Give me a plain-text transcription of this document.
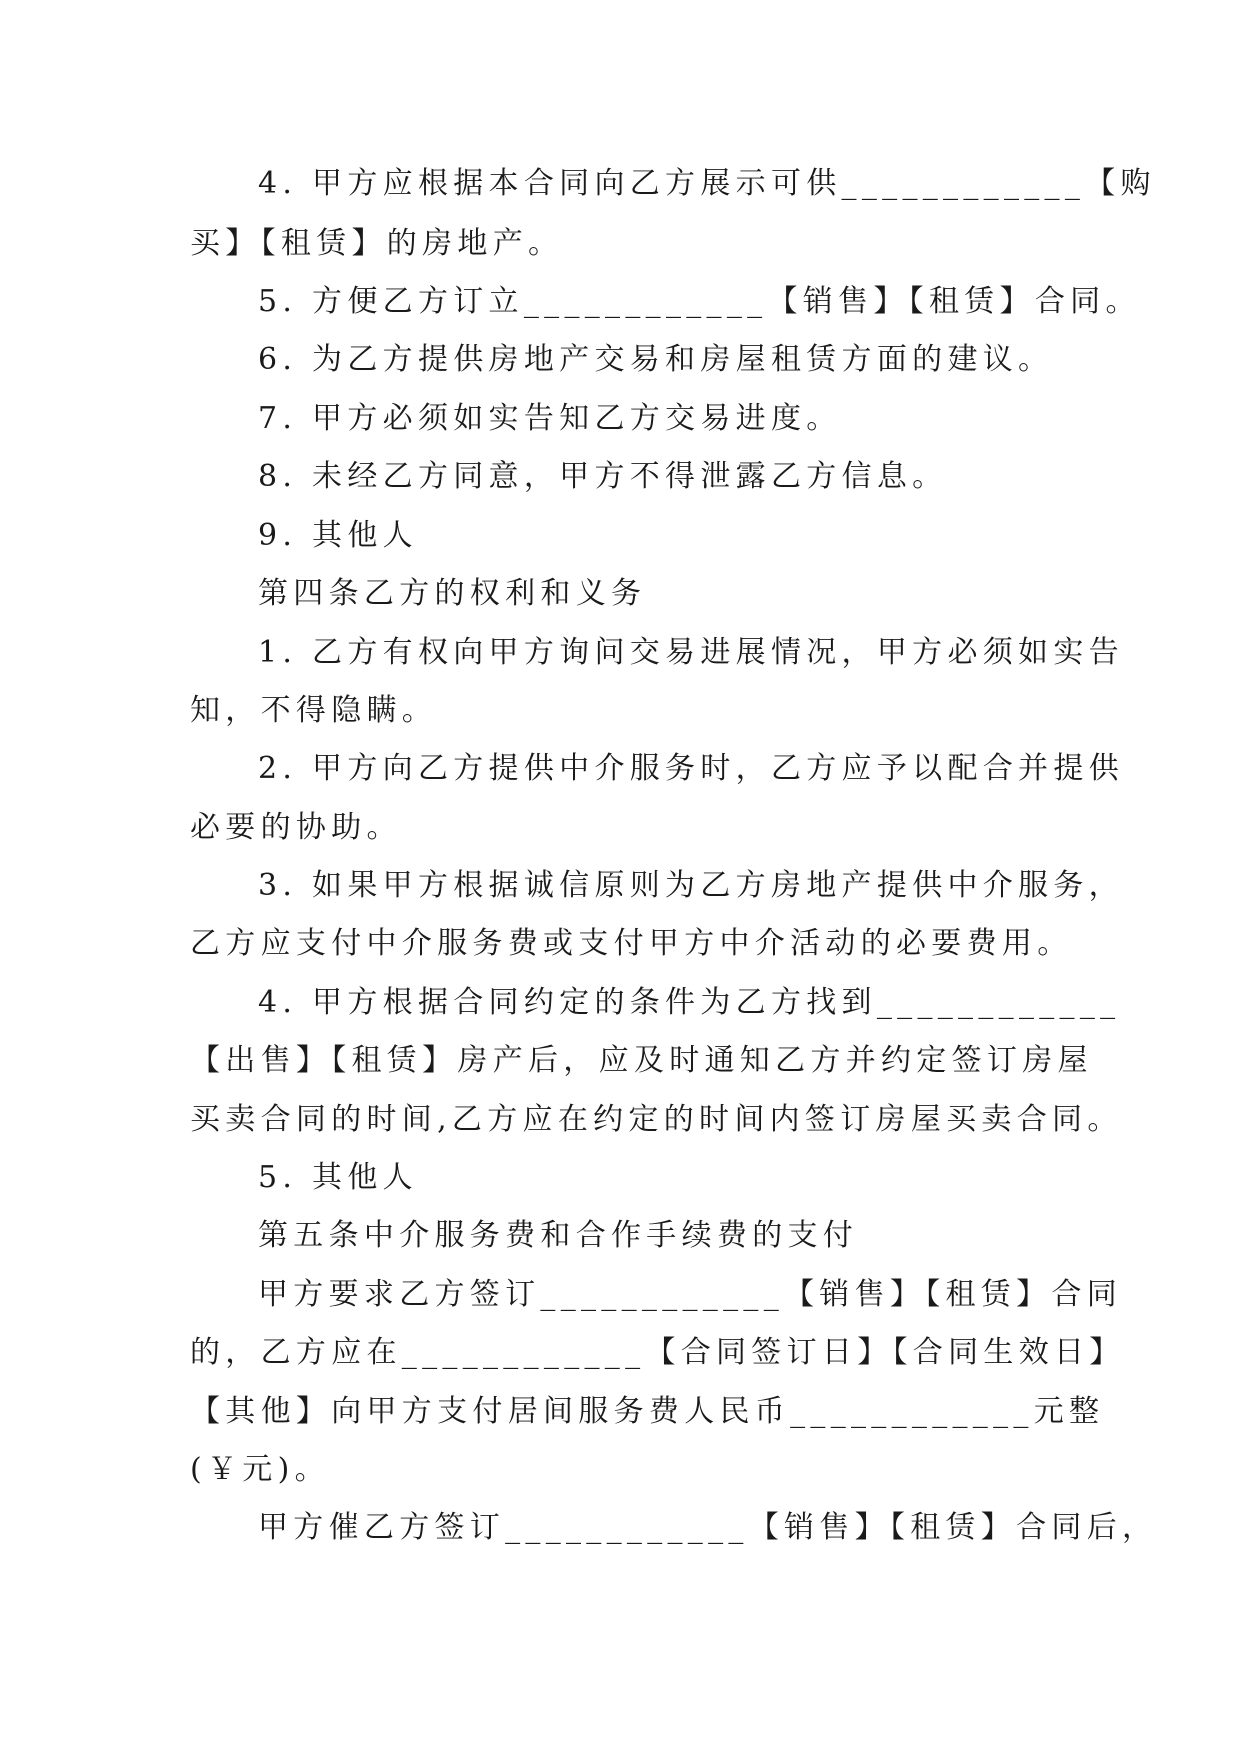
4. 甲方应根据本合同向乙方展示可供____________【购
买】【租赁】的房地产。
5. 方便乙方订立____________【销售】【租赁】合同。
6. 为乙方提供房地产交易和房屋租赁方面的建议。
7. 甲方必须如实告知乙方交易进度。
8. 未经乙方同意，甲方不得泄露乙方信息。
9. 其他人
第四条乙方的权利和义务
1. 乙方有权向甲方询问交易进展情况，甲方必须如实告
知，不得隐瞒。
2. 甲方向乙方提供中介服务时，乙方应予以配合并提供
必要的协助。
3. 如果甲方根据诚信原则为乙方房地产提供中介服务，
乙方应支付中介服务费或支付甲方中介活动的必要费用。
4. 甲方根据合同约定的条件为乙方找到____________
【出售】【租赁】房产后，应及时通知乙方并约定签订房屋
买卖合同的时间,乙方应在约定的时间内签订房屋买卖合同。
5. 其他人
第五条中介服务费和合作手续费的支付
甲方要求乙方签订____________【销售】【租赁】合同
的，乙方应在____________【合同签订日】【合同生效日】
【其他】向甲方支付居间服务费人民币____________元整
(￥元)。
甲方催乙方签订____________【销售】【租赁】合同后，
